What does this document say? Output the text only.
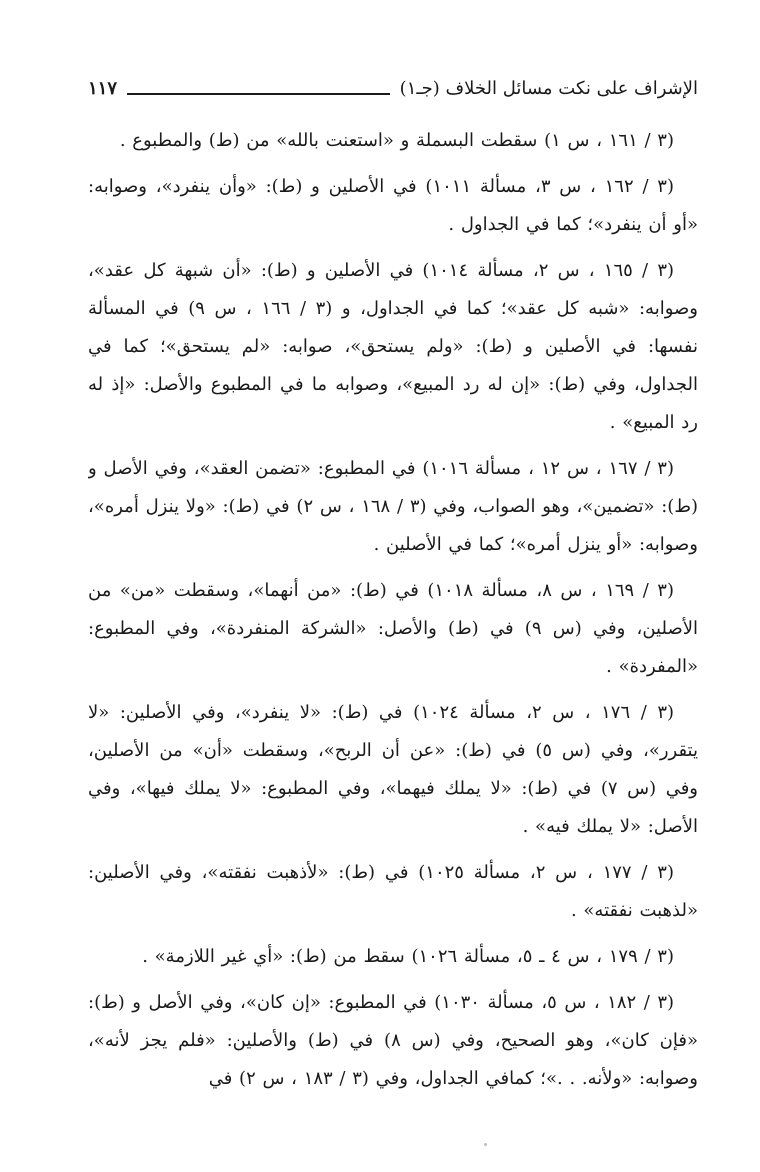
الإشراف على نكت مسائل الخلاف (جـ١)
١١٧

(٣ / ١٦١ ، س ١) سقطت البسملة و «استعنت بالله» من (ط) والمطبوع .

(٣ / ١٦٢ ، س ٣، مسألة ١٠١١) في الأصلين و (ط): «وأن ينفرد»، وصوابه: «أو أن ينفرد»؛ كما في الجداول .

(٣ / ١٦٥ ، س ٢، مسألة ١٠١٤) في الأصلين و (ط): «أن شبهة كل عقد»، وصوابه: «شبه كل عقد»؛ كما في الجداول، و (٣ / ١٦٦ ، س ٩) في المسألة نفسها: في الأصلين و (ط): «ولم يستحق»، صوابه: «لم يستحق»؛ كما في الجداول، وفي (ط): «إن له رد المبيع»، وصوابه ما في المطبوع والأصل: «إذ له رد المبيع» .

(٣ / ١٦٧ ، س ١٢ ، مسألة ١٠١٦) في المطبوع: «تضمن العقد»، وفي الأصل و (ط): «تضمين»، وهو الصواب، وفي (٣ / ١٦٨ ، س ٢) في (ط): «ولا ينزل أمره»، وصوابه: «أو ينزل أمره»؛ كما في الأصلين .

(٣ / ١٦٩ ، س ٨، مسألة ١٠١٨) في (ط): «من أنهما»، وسقطت «من» من الأصلين، وفي (س ٩) في (ط) والأصل: «الشركة المنفردة»، وفي المطبوع: «المفردة» .

(٣ / ١٧٦ ، س ٢، مسألة ١٠٢٤) في (ط): «لا ينفرد»، وفي الأصلين: «لا يتقرر»، وفي (س ٥) في (ط): «عن أن الربح»، وسقطت «أن» من الأصلين، وفي (س ٧) في (ط): «لا يملك فيهما»، وفي المطبوع: «لا يملك فيها»، وفي الأصل: «لا يملك فيه» .

(٣ / ١٧٧ ، س ٢، مسألة ١٠٢٥) في (ط): «لأذهبت نفقته»، وفي الأصلين: «لذهبت نفقته» .

(٣ / ١٧٩ ، س ٤ ـ ٥، مسألة ١٠٢٦) سقط من (ط): «أي غير اللازمة» .

(٣ / ١٨٢ ، س ٥، مسألة ١٠٣٠) في المطبوع: «إن كان»، وفي الأصل و (ط): «فإن كان»، وهو الصحيح، وفي (س ٨) في (ط) والأصلين: «فلم يجز لأنه»، وصوابه: «ولأنه. . .»؛ كمافي الجداول، وفي (٣ / ١٨٣ ، س ٢) في
